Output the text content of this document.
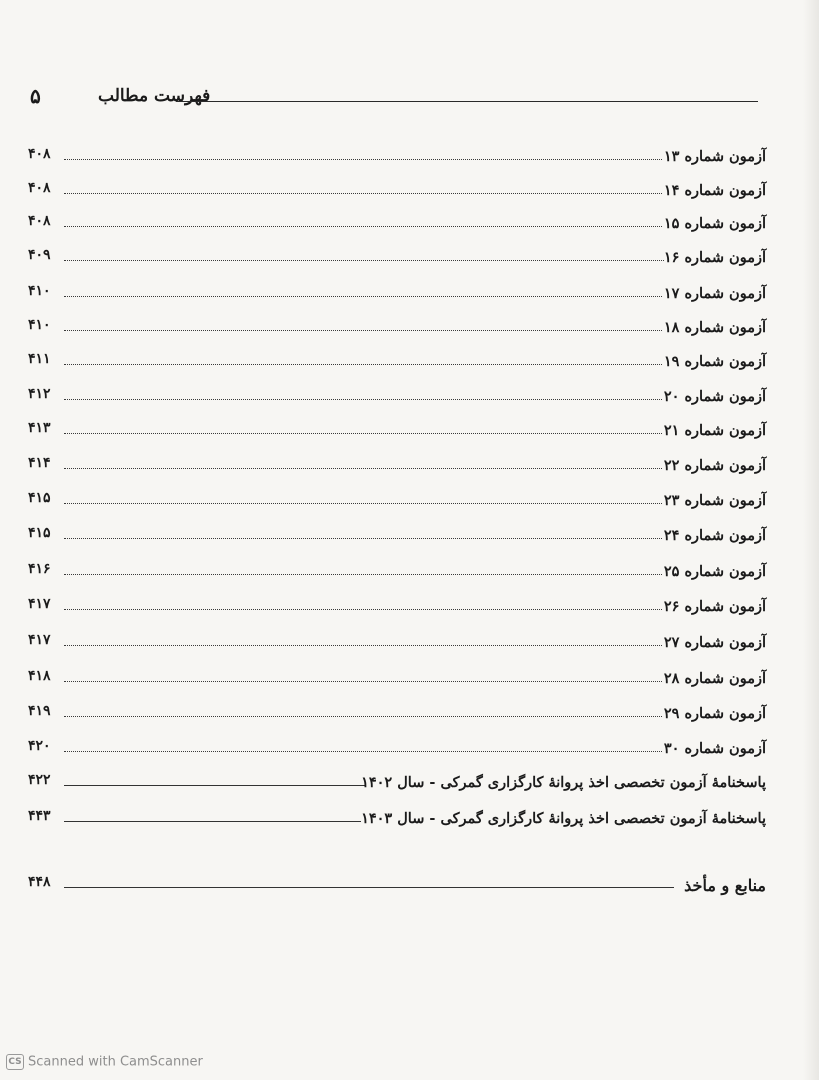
۵	فهرست مطالب
۴۰۸	آزمون شماره ۱۳
۴۰۸	آزمون شماره ۱۴
۴۰۸	آزمون شماره ۱۵
۴۰۹	آزمون شماره ۱۶
۴۱۰	آزمون شماره ۱۷
۴۱۰	آزمون شماره ۱۸
۴۱۱	آزمون شماره ۱۹
۴۱۲	آزمون شماره ۲۰
۴۱۳	آزمون شماره ۲۱
۴۱۴	آزمون شماره ۲۲
۴۱۵	آزمون شماره ۲۳
۴۱۵	آزمون شماره ۲۴
۴۱۶	آزمون شماره ۲۵
۴۱۷	آزمون شماره ۲۶
۴۱۷	آزمون شماره ۲۷
۴۱۸	آزمون شماره ۲۸
۴۱۹	آزمون شماره ۲۹
۴۲۰	آزمون شماره ۳۰
۴۲۲	پاسخنامهٔ آزمون تخصصی اخذ پروانهٔ کارگزاری گمرکی - سال ۱۴۰۲
۴۴۳	پاسخنامهٔ آزمون تخصصی اخذ پروانهٔ کارگزاری گمرکی - سال ۱۴۰۳
۴۴۸	منابع و مأخذ
CS Scanned with CamScanner
